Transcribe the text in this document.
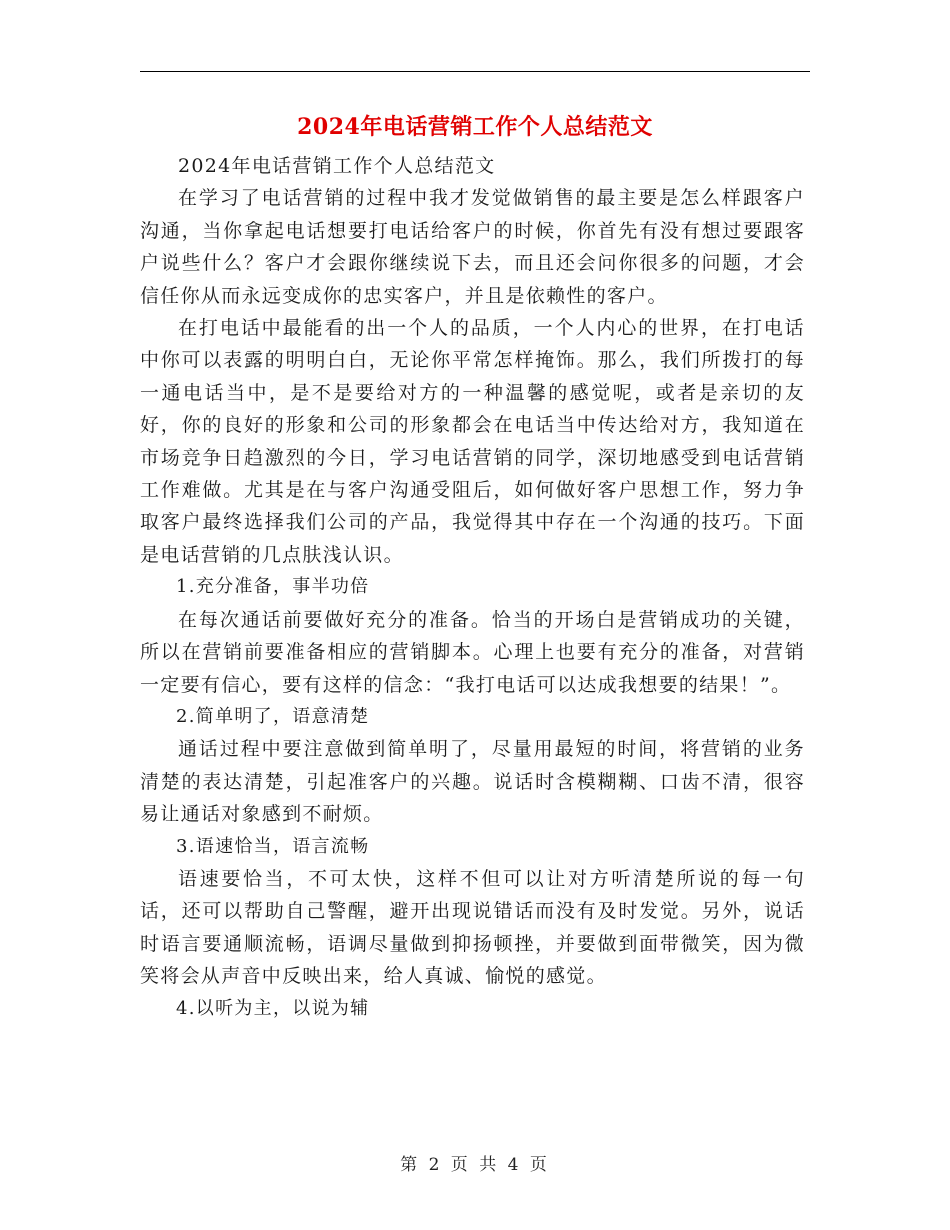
2024年电话营销工作个人总结范文

2024年电话营销工作个人总结范文

在学习了电话营销的过程中我才发觉做销售的最主要是怎么样跟客户沟通，当你拿起电话想要打电话给客户的时候，你首先有没有想过要跟客户说些什么？客户才会跟你继续说下去，而且还会问你很多的问题，才会信任你从而永远变成你的忠实客户，并且是依赖性的客户。

在打电话中最能看的出一个人的品质，一个人内心的世界，在打电话中你可以表露的明明白白，无论你平常怎样掩饰。那么，我们所拨打的每一通电话当中，是不是要给对方的一种温馨的感觉呢，或者是亲切的友好，你的良好的形象和公司的形象都会在电话当中传达给对方，我知道在市场竞争日趋激烈的今日，学习电话营销的同学，深切地感受到电话营销工作难做。尤其是在与客户沟通受阻后，如何做好客户思想工作，努力争取客户最终选择我们公司的产品，我觉得其中存在一个沟通的技巧。下面是电话营销的几点肤浅认识。

1.充分准备，事半功倍

在每次通话前要做好充分的准备。恰当的开场白是营销成功的关键，所以在营销前要准备相应的营销脚本。心理上也要有充分的准备，对营销一定要有信心，要有这样的信念：“我打电话可以达成我想要的结果！”。

2.简单明了，语意清楚

通话过程中要注意做到简单明了，尽量用最短的时间，将营销的业务清楚的表达清楚，引起准客户的兴趣。说话时含模糊糊、口齿不清，很容易让通话对象感到不耐烦。

3.语速恰当，语言流畅

语速要恰当，不可太快，这样不但可以让对方听清楚所说的每一句话，还可以帮助自己警醒，避开出现说错话而没有及时发觉。另外，说话时语言要通顺流畅，语调尽量做到抑扬顿挫，并要做到面带微笑，因为微笑将会从声音中反映出来，给人真诚、愉悦的感觉。

4.以听为主，以说为辅

第 2 页 共 4 页
